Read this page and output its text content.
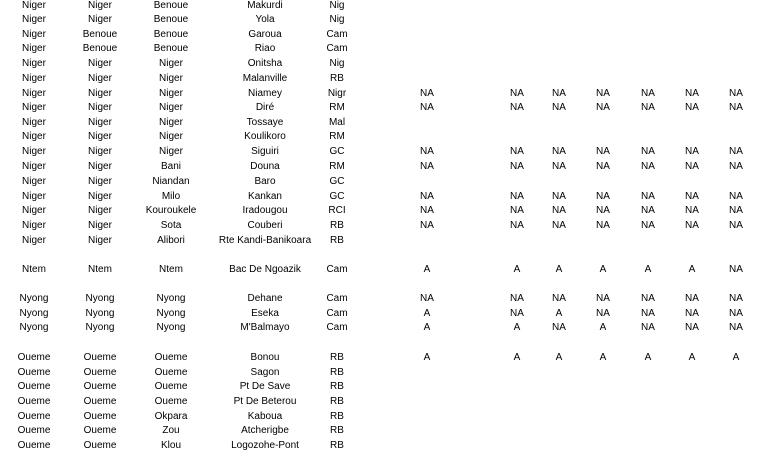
Niger	Niger	Benoue	Makurdi	Nig
Niger	Niger	Benoue	Yola	Nig
Niger	Benoue	Benoue	Garoua	Cam
Niger	Benoue	Benoue	Riao	Cam
Niger	Niger	Niger	Onitsha	Nig
Niger	Niger	Niger	Malanville	RB
Niger	Niger	Niger	Niamey	Nigr	NA	NA	NA	NA	NA	NA	NA
Niger	Niger	Niger	Diré	RM	NA	NA	NA	NA	NA	NA	NA
Niger	Niger	Niger	Tossaye	Mal
Niger	Niger	Niger	Koulikoro	RM
Niger	Niger	Niger	Siguiri	GC	NA	NA	NA	NA	NA	NA	NA
Niger	Niger	Bani	Douna	RM	NA	NA	NA	NA	NA	NA	NA
Niger	Niger	Niandan	Baro	GC
Niger	Niger	Milo	Kankan	GC	NA	NA	NA	NA	NA	NA	NA
Niger	Niger	Kouroukele	Iradougou	RCI	NA	NA	NA	NA	NA	NA	NA
Niger	Niger	Sota	Couberi	RB	NA	NA	NA	NA	NA	NA	NA
Niger	Niger	Alibori	Rte Kandi-Banikoara RB
Ntem	Ntem	Ntem	Bac De Ngoazik	Cam	A	A	A	A	A	A	NA
Nyong	Nyong	Nyong	Dehane	Cam	NA	NA	NA	NA	NA	NA	NA
Nyong	Nyong	Nyong	Eseka	Cam	A	NA	A	NA	NA	NA	NA
Nyong	Nyong	Nyong	M'Balmayo	Cam	A	A	NA	A	NA	NA	NA
Oueme	Oueme	Oueme	Bonou	RB	A	A	A	A	A	A	A
Oueme	Oueme	Oueme	Sagon	RB
Oueme	Oueme	Oueme	Pt De Save	RB
Oueme	Oueme	Oueme	Pt De Beterou	RB
Oueme	Oueme	Okpara	Kaboua	RB
Oueme	Oueme	Zou	Atcherigbe	RB
Oueme	Oueme	Klou	Logozohe-Pont	RB
